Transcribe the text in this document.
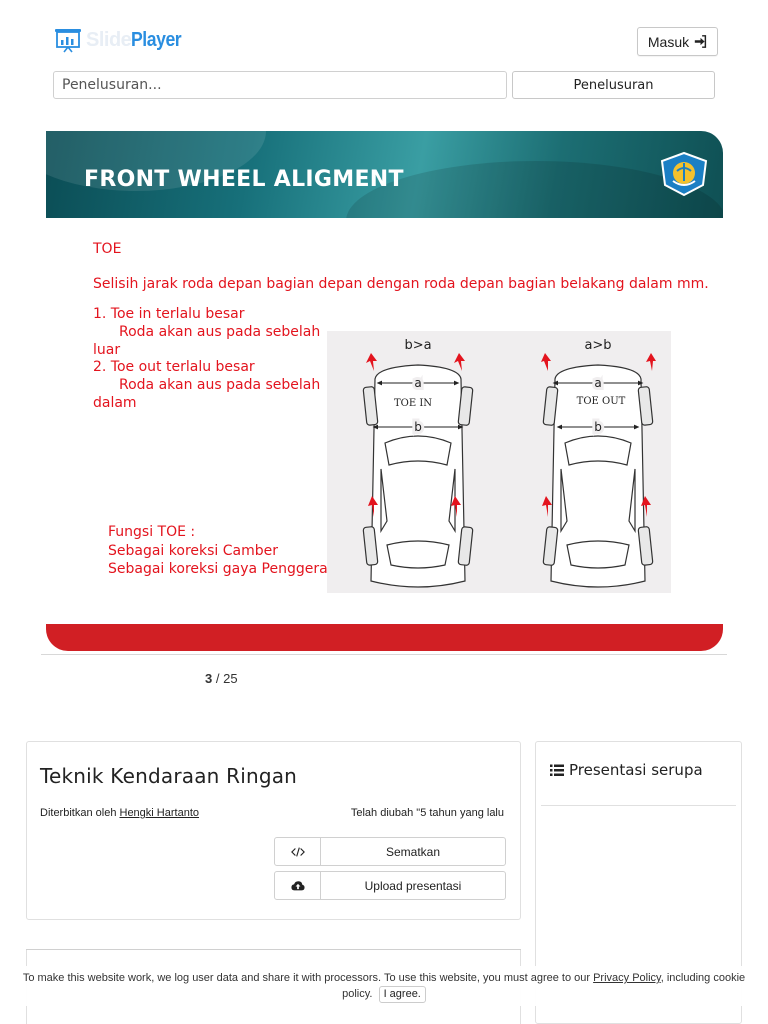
Slide Player	Masuk
Penelusuran...
Penelusuran
FRONT WHEEL ALIGMENT
TOE
Selisih jarak roda depan bagian depan dengan roda depan bagian belakang dalam mm.
1. Toe in terlalu besar
Roda akan aus pada sebelah
luar
2. Toe out terlalu besar
Roda akan aus pada sebelah
dalam
Fungsi TOE :
Sebagai koreksi Camber
Sebagai koreksi gaya Penggerak
b>a	a>b
TOE IN	TOE OUT
a
b
a
b
3 / 25
Teknik Kendaraan Ringan
Diterbitkan oleh Hengki Hartanto	Telah diubah "5 tahun yang lalu
Sematkan
Upload presentasi
Presentasi serupa
To make this website work, we log user data and share it with processors. To use this website, you must agree to our Privacy Policy, including cookie policy. I agree.
